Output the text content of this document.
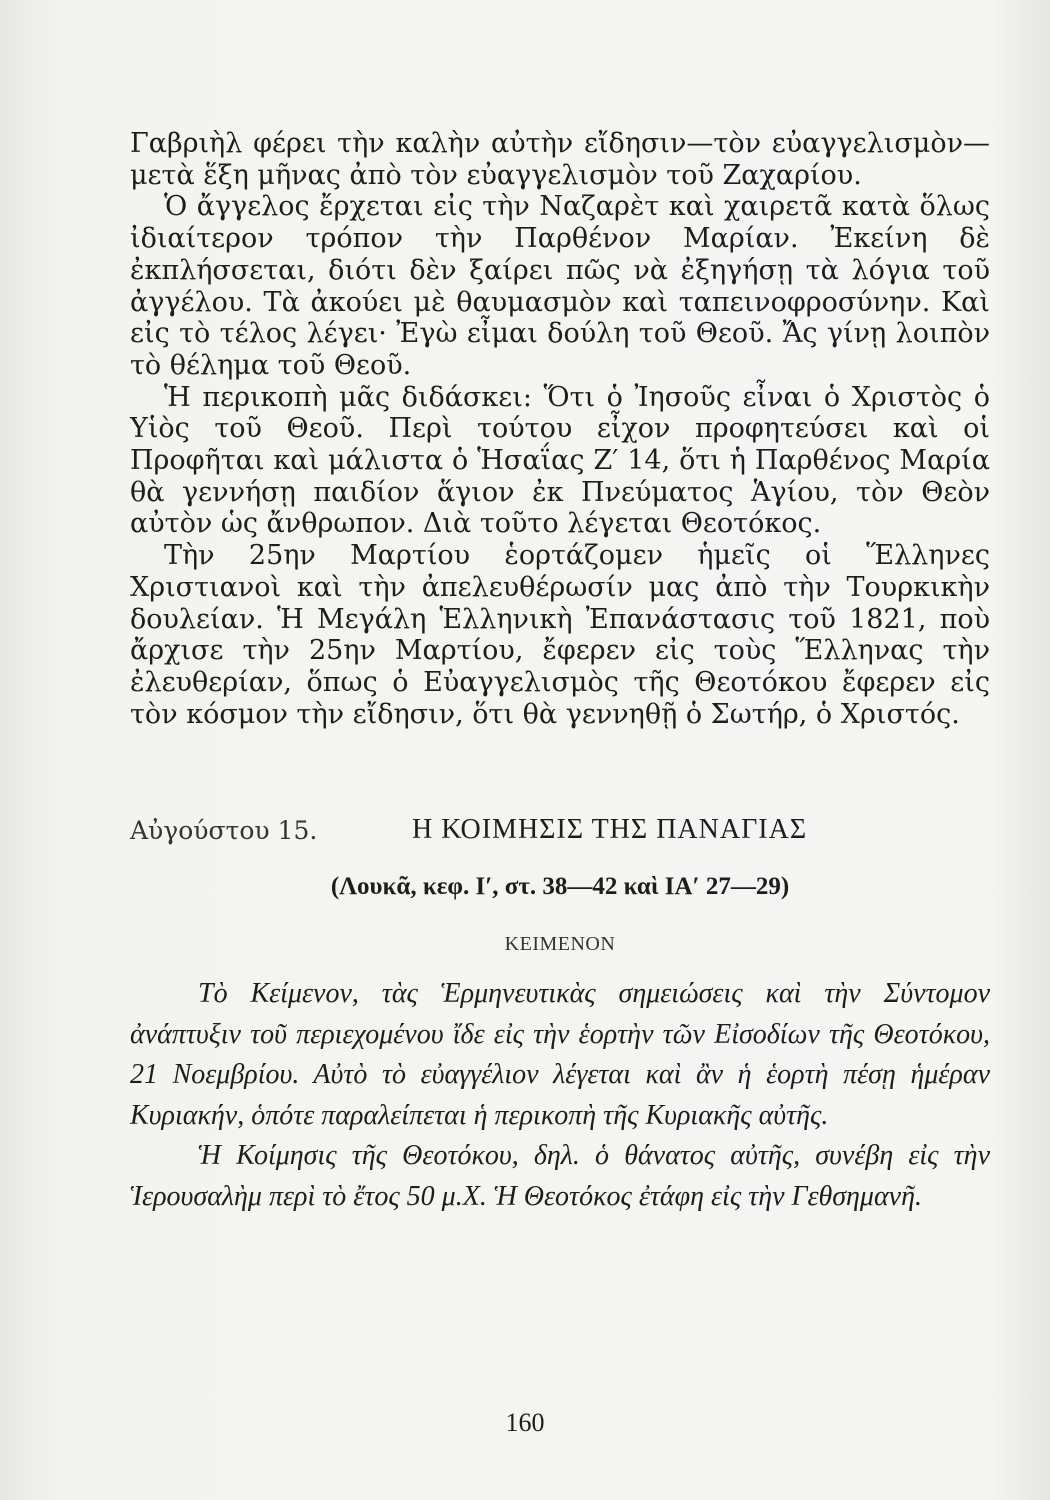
Γαβριὴλ φέρει τὴν καλὴν αὐτὴν εἴδησιν—τὸν εὐαγγελισμὸν— μετὰ ἕξη μῆνας ἀπὸ τὸν εὐαγγελισμὸν τοῦ Ζαχαρίου.

Ὁ ἄγγελος ἔρχεται εἰς τὴν Ναζαρὲτ καὶ χαιρετᾶ κατὰ ὅλως ἰδιαίτερον τρόπον τὴν Παρθένον Μαρίαν. Ἐκείνη δὲ ἐκπλήσσεται, διότι δὲν ξαίρει πῶς νὰ ἐξηγήσῃ τὰ λόγια τοῦ ἀγγέλου. Τὰ ἀκούει μὲ θαυμασμὸν καὶ ταπεινοφροσύνην. Καὶ εἰς τὸ τέλος λέγει· Ἐγὼ εἶμαι δούλη τοῦ Θεοῦ. Ἄς γίνῃ λοιπὸν τὸ θέλημα τοῦ Θεοῦ.

Ἡ περικοπὴ μᾶς διδάσκει: Ὅτι ὁ Ἰησοῦς εἶναι ὁ Χριστὸς ὁ Υἱὸς τοῦ Θεοῦ. Περὶ τούτου εἶχον προφητεύσει καὶ οἱ Προφῆται καὶ μάλιστα ὁ Ἡσαΐας Ζ′ 14, ὅτι ἡ Παρθένος Μαρία θὰ γεννήσῃ παιδίον ἅγιον ἐκ Πνεύματος Ἁγίου, τὸν Θεὸν αὐτὸν ὡς ἄνθρωπον. Διὰ τοῦτο λέγεται Θεοτόκος.

Τὴν 25ην Μαρτίου ἑορτάζομεν ἡμεῖς οἱ Ἕλληνες Χριστιανοὶ καὶ τὴν ἀπελευθέρωσίν μας ἀπὸ τὴν Τουρκικὴν δουλείαν. Ἡ Μεγάλη Ἑλληνικὴ Ἐπανάστασις τοῦ 1821, ποὺ ἄρχισε τὴν 25ην Μαρτίου, ἔφερεν εἰς τοὺς Ἕλληνας τὴν ἐλευθερίαν, ὅπως ὁ Εὐαγγελισμὸς τῆς Θεοτόκου ἔφερεν εἰς τὸν κόσμον τὴν εἴδησιν, ὅτι θὰ γεννηθῇ ὁ Σωτήρ, ὁ Χριστός.

Αὐγούστου 15.	Η ΚΟΙΜΗΣΙΣ ΤΗΣ ΠΑΝΑΓΙΑΣ
(Λουκᾶ, κεφ. Ι′, στ. 38—42 καὶ ΙΑ′ 27—29)
ΚΕΙΜΕΝΟΝ

Τὸ Κείμενον, τὰς Ἑρμηνευτικὰς σημειώσεις καὶ τὴν Σύντομον ἀνάπτυξιν τοῦ περιεχομένου ἴδε εἰς τὴν ἑορτὴν τῶν Εἰσοδίων τῆς Θεοτόκου, 21 Νοεμβρίου. Αὐτὸ τὸ εὐαγγέλιον λέγεται καὶ ἂν ἡ ἑορτὴ πέσῃ ἡμέραν Κυριακήν, ὁπότε παραλείπεται ἡ περικοπὴ τῆς Κυριακῆς αὐτῆς.

Ἡ Κοίμησις τῆς Θεοτόκου, δηλ. ὁ θάνατος αὐτῆς, συνέβη εἰς τὴν Ἱερουσαλὴμ περὶ τὸ ἔτος 50 μ.Χ. Ἡ Θεοτόκος ἐτάφη εἰς τὴν Γεθσημανῆ.

160
